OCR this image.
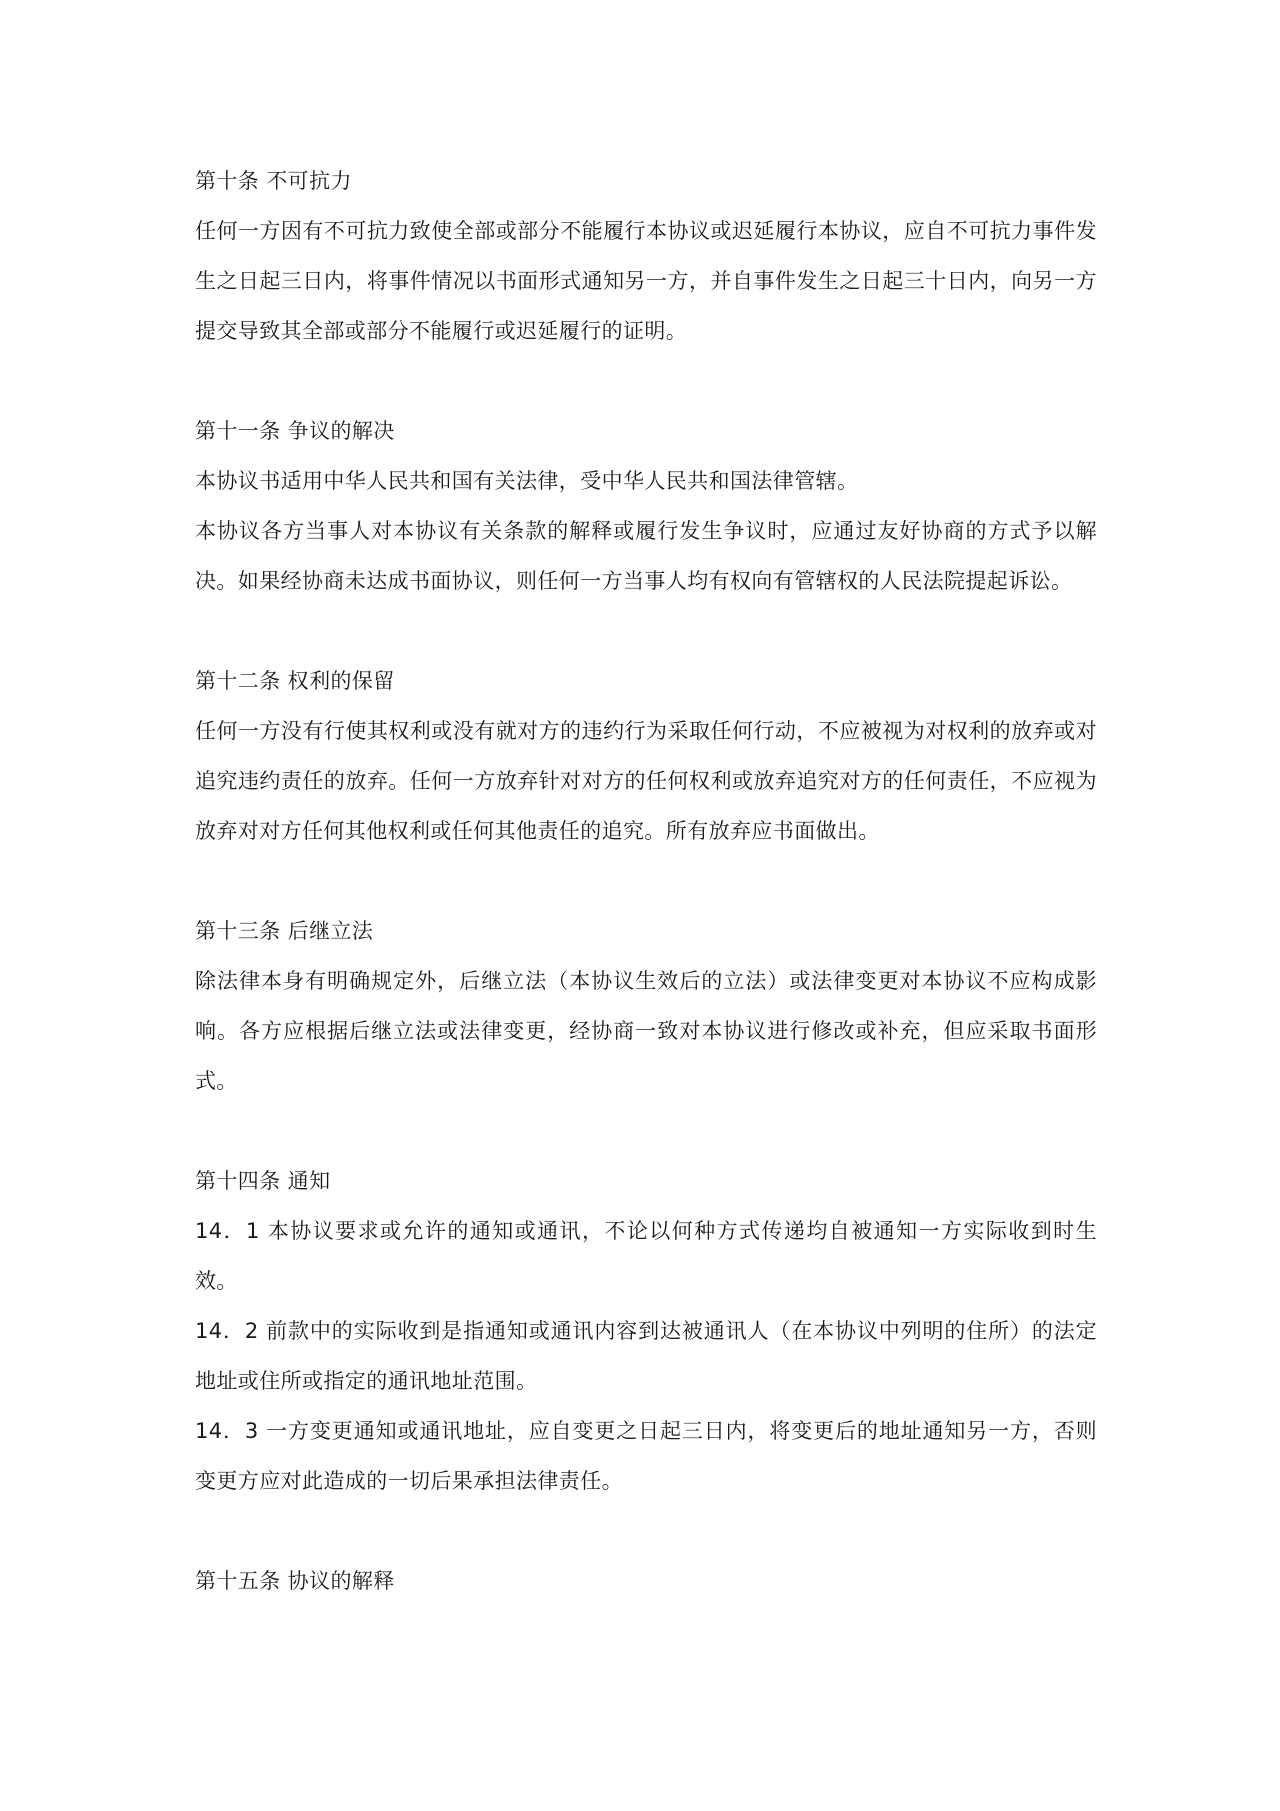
第十条 不可抗力

任何一方因有不可抗力致使全部或部分不能履行本协议或迟延履行本协议，应自不可抗力事件发生之日起三日内，将事件情况以书面形式通知另一方，并自事件发生之日起三十日内，向另一方提交导致其全部或部分不能履行或迟延履行的证明。

第十一条 争议的解决

本协议书适用中华人民共和国有关法律，受中华人民共和国法律管辖。

本协议各方当事人对本协议有关条款的解释或履行发生争议时，应通过友好协商的方式予以解决。如果经协商未达成书面协议，则任何一方当事人均有权向有管辖权的人民法院提起诉讼。

第十二条 权利的保留

任何一方没有行使其权利或没有就对方的违约行为采取任何行动，不应被视为对权利的放弃或对追究违约责任的放弃。任何一方放弃针对对方的任何权利或放弃追究对方的任何责任，不应视为放弃对对方任何其他权利或任何其他责任的追究。所有放弃应书面做出。

第十三条 后继立法

除法律本身有明确规定外，后继立法（本协议生效后的立法）或法律变更对本协议不应构成影响。各方应根据后继立法或法律变更，经协商一致对本协议进行修改或补充，但应采取书面形式。

第十四条 通知

14．1 本协议要求或允许的通知或通讯，不论以何种方式传递均自被通知一方实际收到时生效。

14．2 前款中的实际收到是指通知或通讯内容到达被通讯人（在本协议中列明的住所）的法定地址或住所或指定的通讯地址范围。

14．3 一方变更通知或通讯地址，应自变更之日起三日内，将变更后的地址通知另一方，否则变更方应对此造成的一切后果承担法律责任。

第十五条 协议的解释
